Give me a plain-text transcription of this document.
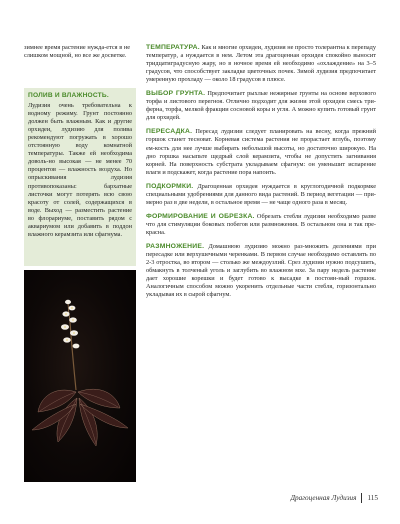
зимнее время растение нужда-ется в не слишком мощной, но все же досветке.

ПОЛИВ И ВЛАЖНОСТЬ.
Лудизия очень требовательна к водному режиму. Грунт постоянно должен быть влажным. Как и другие орхидеи, лудизию для полива рекомендуют погружать в хорошо отстоянную воду комнатной температуры. Также ей необходима доволь-но высокая — не менее 70 процентов — влажность воздуха. Но опрыскивания лудизия противопоказаны: бархатные листочки могут потерять всю свою красоту от солей, содержащихся в воде. Выход — разместить растение во флорариуме, поставить рядом с аквариумом или добавить в поддон влажного керамзита или сфагнума.

ТЕМПЕРАТУРА. Как и многие орхидеи, лудизия не просто толерантна к перепаду температур, а нуждается в нем. Летом эта драгоценная орхидея спокойно выносит тридцатиградусную жару, но в ночное время ей необходимо «охлаждение» на 3–5 градусов, что способствует закладке цветочных почек. Зимой лудизия предпочитает умеренную прохладу — около 18 градусов в плюсе.

ВЫБОР ГРУНТА. Предпочитает рыхлые нежирные грунты на основе верхового торфа и листового перегноя. Отлично подходит для жизни этой орхидеи смесь три-ферна, торфа, мелкой фракции сосновой коры и угля. А можно купить готовый грунт для орхидей.

ПЕРЕСАДКА. Пересад лудизии следует планировать на весну, когда прежний горшок станет тесноват. Корневая система растения не прорастает вглубь, поэтому ем-кость для нее лучше выбирать небольшой высоты, но достаточно широкую. На дно горшка насыпьте щедрый слой керамзита, чтобы не допустить загнивания корней. На поверхность субстрата укладываем сфагнум: он уменьшит испарение влаги и подскажет, когда растение пора напоить.

ПОДКОРМКИ. Драгоценная орхидея нуждается в круглогодичной подкормке специальными удобрениями для данного вида растений. В период вегетации — при-мерно раз в две недели, в остальное время — не чаще одного раза в месяц.

ФОРМИРОВАНИЕ И ОБРЕЗКА. Обрезать стебли лудизии необходимо разве что для стимуляции боковых побегов или размножения. В остальном она и так пре-красна.

РАЗМНОЖЕНИЕ. Домашнюю лудизию можно раз-множить делениями при пересадке или верхушечными черенками. В первом случае необходимо оставлять по 2-3 отростка, во втором — столько же междоузлий. Срез лудизии нужно подсушить, обмакнуть в толченый уголь и заглубить во влажном мхе. За пару недель растение дает хорошие корешки и будет готово к высадке в постоян-ный горшок. Аналогичным способом можно укоренить отдельные части стебля, горизонтально укладывая их в сырой сфагнум.

Драгоценная Лудизия 115
